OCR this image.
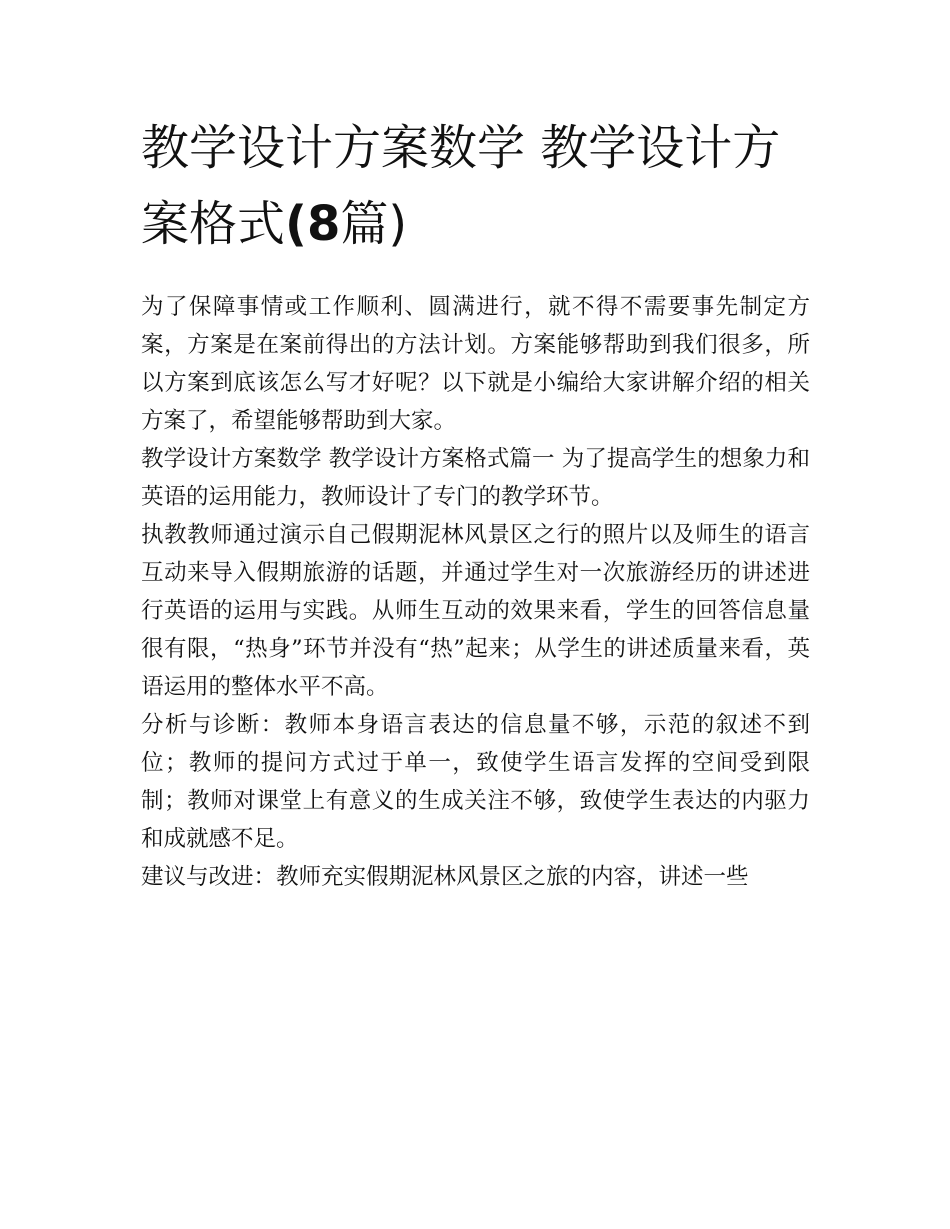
教学设计方案数学 教学设计方案格式(8篇)

为了保障事情或工作顺利、圆满进行，就不得不需要事先制定方案，方案是在案前得出的方法计划。方案能够帮助到我们很多，所以方案到底该怎么写才好呢？以下就是小编给大家讲解介绍的相关方案了，希望能够帮助到大家。

教学设计方案数学 教学设计方案格式篇一 为了提高学生的想象力和英语的运用能力，教师设计了专门的教学环节。

执教教师通过演示自己假期泥林风景区之行的照片以及师生的语言互动来导入假期旅游的话题，并通过学生对一次旅游经历的讲述进行英语的运用与实践。从师生互动的效果来看，学生的回答信息量很有限，“热身”环节并没有“热”起来；从学生的讲述质量来看，英语运用的整体水平不高。

分析与诊断：教师本身语言表达的信息量不够，示范的叙述不到位；教师的提问方式过于单一，致使学生语言发挥的空间受到限制；教师对课堂上有意义的生成关注不够，致使学生表达的内驱力和成就感不足。

建议与改进：教师充实假期泥林风景区之旅的内容，讲述一些
